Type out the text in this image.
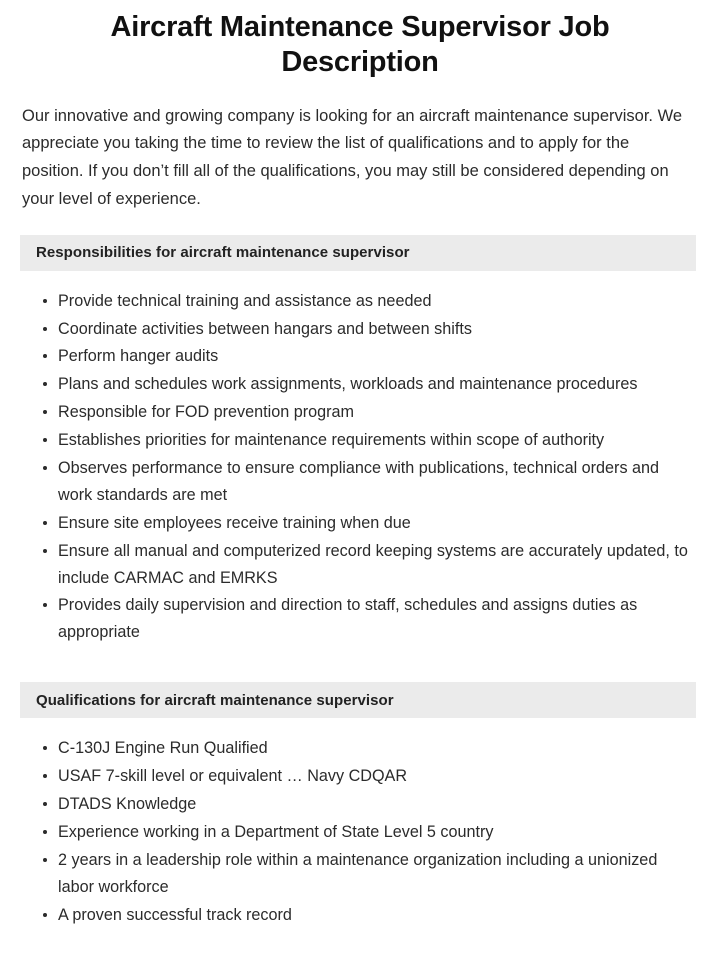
Aircraft Maintenance Supervisor Job Description

Our innovative and growing company is looking for an aircraft maintenance supervisor. We appreciate you taking the time to review the list of qualifications and to apply for the position. If you don’t fill all of the qualifications, you may still be considered depending on your level of experience.

Responsibilities for aircraft maintenance supervisor
Provide technical training and assistance as needed
Coordinate activities between hangars and between shifts
Perform hanger audits
Plans and schedules work assignments, workloads and maintenance procedures
Responsible for FOD prevention program
Establishes priorities for maintenance requirements within scope of authority
Observes performance to ensure compliance with publications, technical orders and work standards are met
Ensure site employees receive training when due
Ensure all manual and computerized record keeping systems are accurately updated, to include CARMAC and EMRKS
Provides daily supervision and direction to staff, schedules and assigns duties as appropriate
Qualifications for aircraft maintenance supervisor
C-130J Engine Run Qualified
USAF 7-skill level or equivalent … Navy CDQAR
DTADS Knowledge
Experience working in a Department of State Level 5 country
2 years in a leadership role within a maintenance organization including a unionized labor workforce
A proven successful track record
